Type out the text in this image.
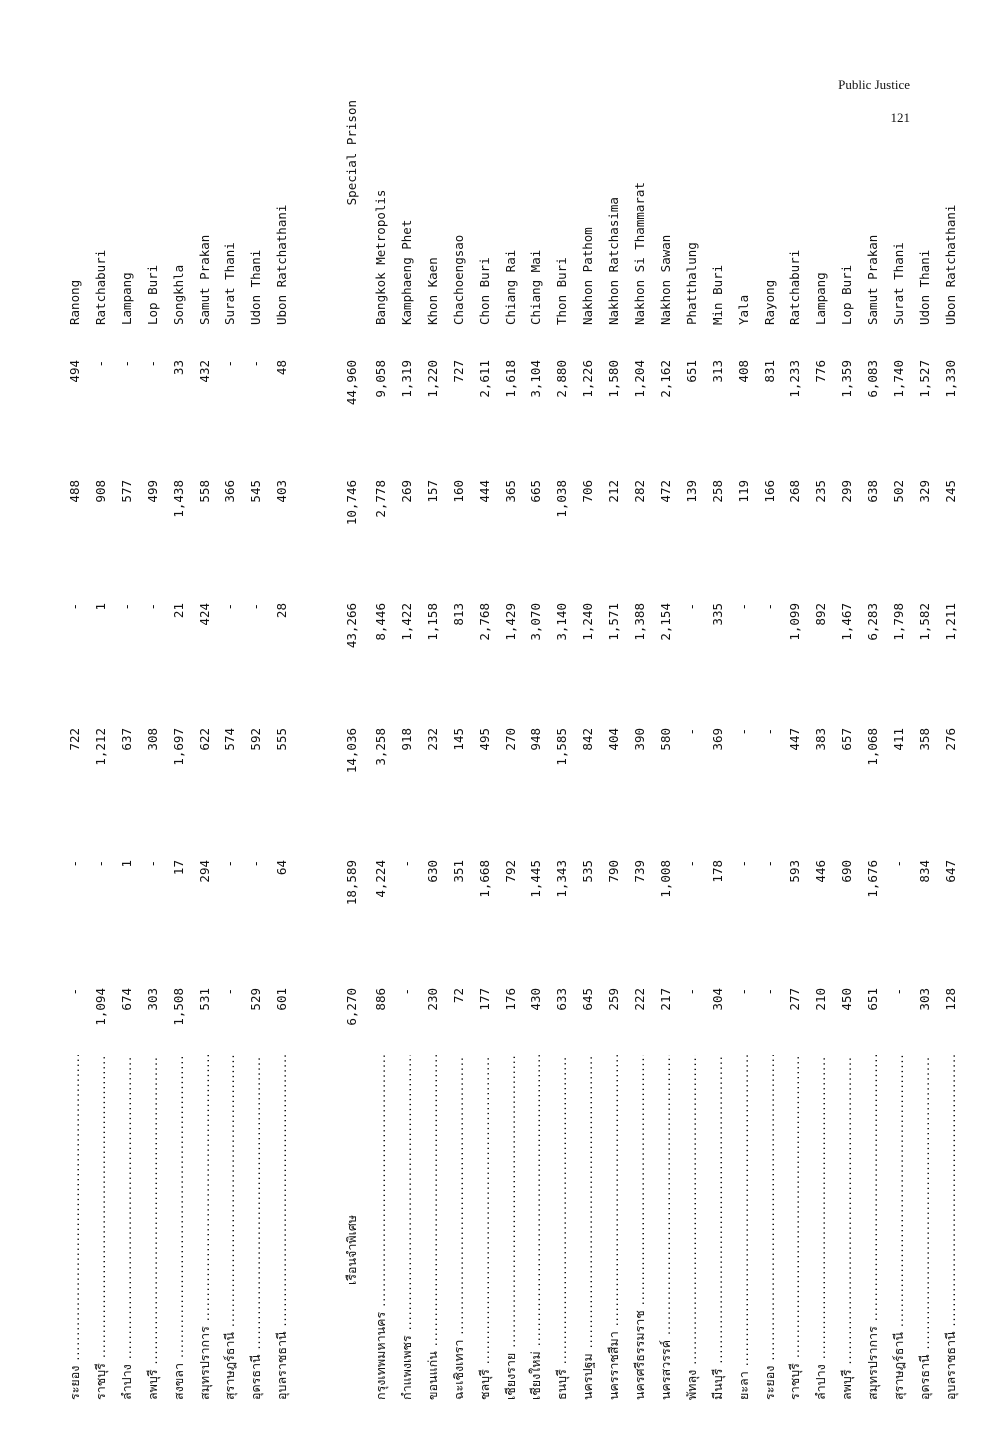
Public Justice
121
ระยอง .....
-
-
722
-
488
494
Ranong
ราชบุรี .....
1,094
-
1,212
1
908
-
Ratchaburi
ลำปาง .....
674
1
637
-
577
-
Lampang
ลพบุรี .....
303
-
308
-
499
-
Lop Buri
สงขลา .....
1,508
17
1,697
21
1,438
33
Songkhla
สมุทรปราการ .....
531
294
622
424
558
432
Samut Prakan
สุราษฎร์ธานี .....
-
-
574
-
366
-
Surat Thani
อุดรธานี .....
529
-
592
-
545
-
Udon Thani
อุบลราชธานี .....
601
64
555
28
403
48
Ubon Ratchathani
เรือนจำพิเศษ
6,270
18,589
14,036
43,266
10,746
44,960
Special Prison
กรุงเทพมหานคร .....
886
4,224
3,258
8,446
2,778
9,058
Bangkok Metropolis
กำแพงเพชร .....
-
-
918
1,422
269
1,319
Kamphaeng Phet
ขอนแก่น .....
230
630
232
1,158
157
1,220
Khon Kaen
ฉะเชิงเทรา .....
72
351
145
813
160
727
Chachoengsao
ชลบุรี .....
177
1,668
495
2,768
444
2,611
Chon Buri
เชียงราย .....
176
792
270
1,429
365
1,618
Chiang Rai
เชียงใหม่ .....
430
1,445
948
3,070
665
3,104
Chiang Mai
ธนบุรี .....
633
1,343
1,585
3,140
1,038
2,880
Thon Buri
นครปฐม .....
645
535
842
1,240
706
1,226
Nakhon Pathom
นครราชสีมา .....
259
790
404
1,571
212
1,580
Nakhon Ratchasima
นครศรีธรรมราช .....
222
739
390
1,388
282
1,204
Nakhon Si Thammarat
นครสวรรค์ .....
217
1,008
580
2,154
472
2,162
Nakhon Sawan
พัทลุง .....
-
-
-
-
139
651
Phatthalung
มีนบุรี .....
304
178
369
335
258
313
Min Buri
ยะลา .....
-
-
-
-
119
408
Yala
ระยอง .....
-
-
-
-
166
831
Rayong
ราชบุรี .....
277
593
447
1,099
268
1,233
Ratchaburi
ลำปาง .....
210
446
383
892
235
776
Lampang
ลพบุรี .....
450
690
657
1,467
299
1,359
Lop Buri
สมุทรปราการ .....
651
1,676
1,068
6,283
638
6,083
Samut Prakan
สุราษฎร์ธานี .....
-
-
411
1,798
502
1,740
Surat Thani
อุดรธานี .....
303
834
358
1,582
329
1,527
Udon Thani
อุบลราชธานี .....
128
647
276
1,211
245
1,330
Ubon Ratchathani
